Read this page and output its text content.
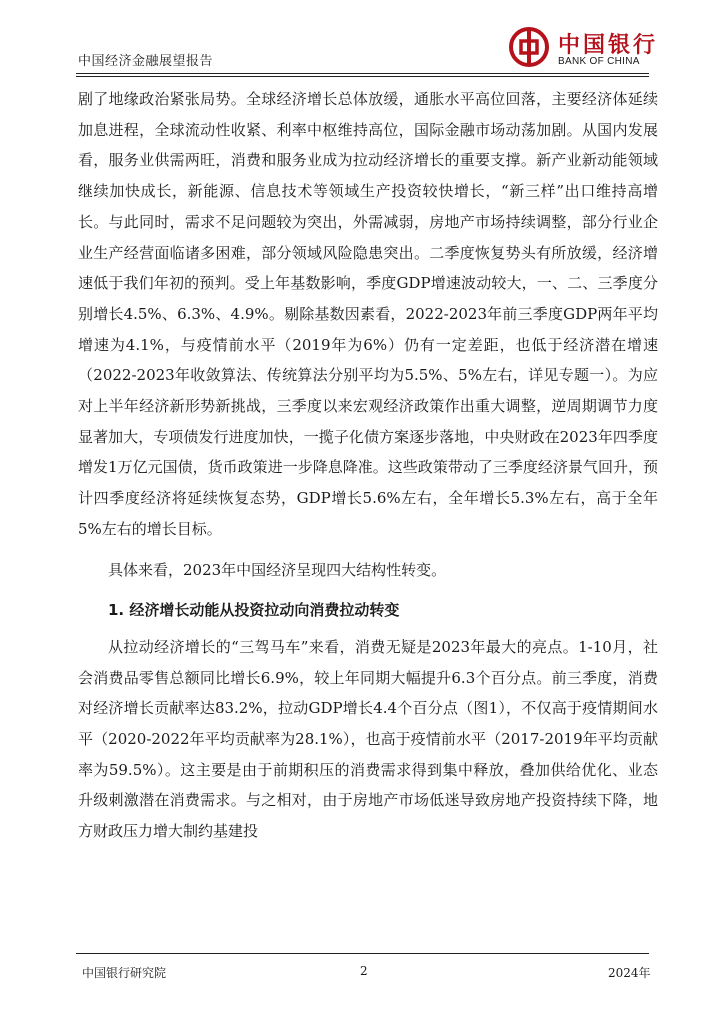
中国经济金融展望报告
中国银行
BANK OF CHINA

剧了地缘政治紧张局势。全球经济增长总体放缓，通胀水平高位回落，主要经济体延续加息进程，全球流动性收紧、利率中枢维持高位，国际金融市场动荡加剧。从国内发展看，服务业供需两旺，消费和服务业成为拉动经济增长的重要支撑。新产业新动能领域继续加快成长，新能源、信息技术等领域生产投资较快增长，“新三样”出口维持高增长。与此同时，需求不足问题较为突出，外需减弱，房地产市场持续调整，部分行业企业生产经营面临诸多困难，部分领域风险隐患突出。二季度恢复势头有所放缓，经济增速低于我们年初的预判。受上年基数影响，季度GDP增速波动较大，一、二、三季度分别增长4.5%、6.3%、4.9%。剔除基数因素看，2022-2023年前三季度GDP两年平均增速为4.1%，与疫情前水平（2019年为6%）仍有一定差距，也低于经济潜在增速（2022-2023年收敛算法、传统算法分别平均为5.5%、5%左右，详见专题一）。为应对上半年经济新形势新挑战，三季度以来宏观经济政策作出重大调整，逆周期调节力度显著加大，专项债发行进度加快，一揽子化债方案逐步落地，中央财政在2023年四季度增发1万亿元国债，货币政策进一步降息降准。这些政策带动了三季度经济景气回升，预计四季度经济将延续恢复态势，GDP增长5.6%左右，全年增长5.3%左右，高于全年5%左右的增长目标。

具体来看，2023年中国经济呈现四大结构性转变。

1. 经济增长动能从投资拉动向消费拉动转变

从拉动经济增长的“三驾马车”来看，消费无疑是2023年最大的亮点。1-10月，社会消费品零售总额同比增长6.9%，较上年同期大幅提升6.3个百分点。前三季度，消费对经济增长贡献率达83.2%，拉动GDP增长4.4个百分点（图1），不仅高于疫情期间水平（2020-2022年平均贡献率为28.1%），也高于疫情前水平（2017-2019年平均贡献率为59.5%）。这主要是由于前期积压的消费需求得到集中释放，叠加供给优化、业态升级刺激潜在消费需求。与之相对，由于房地产市场低迷导致房地产投资持续下降，地方财政压力增大制约基建投

中国银行研究院	2	2024年
